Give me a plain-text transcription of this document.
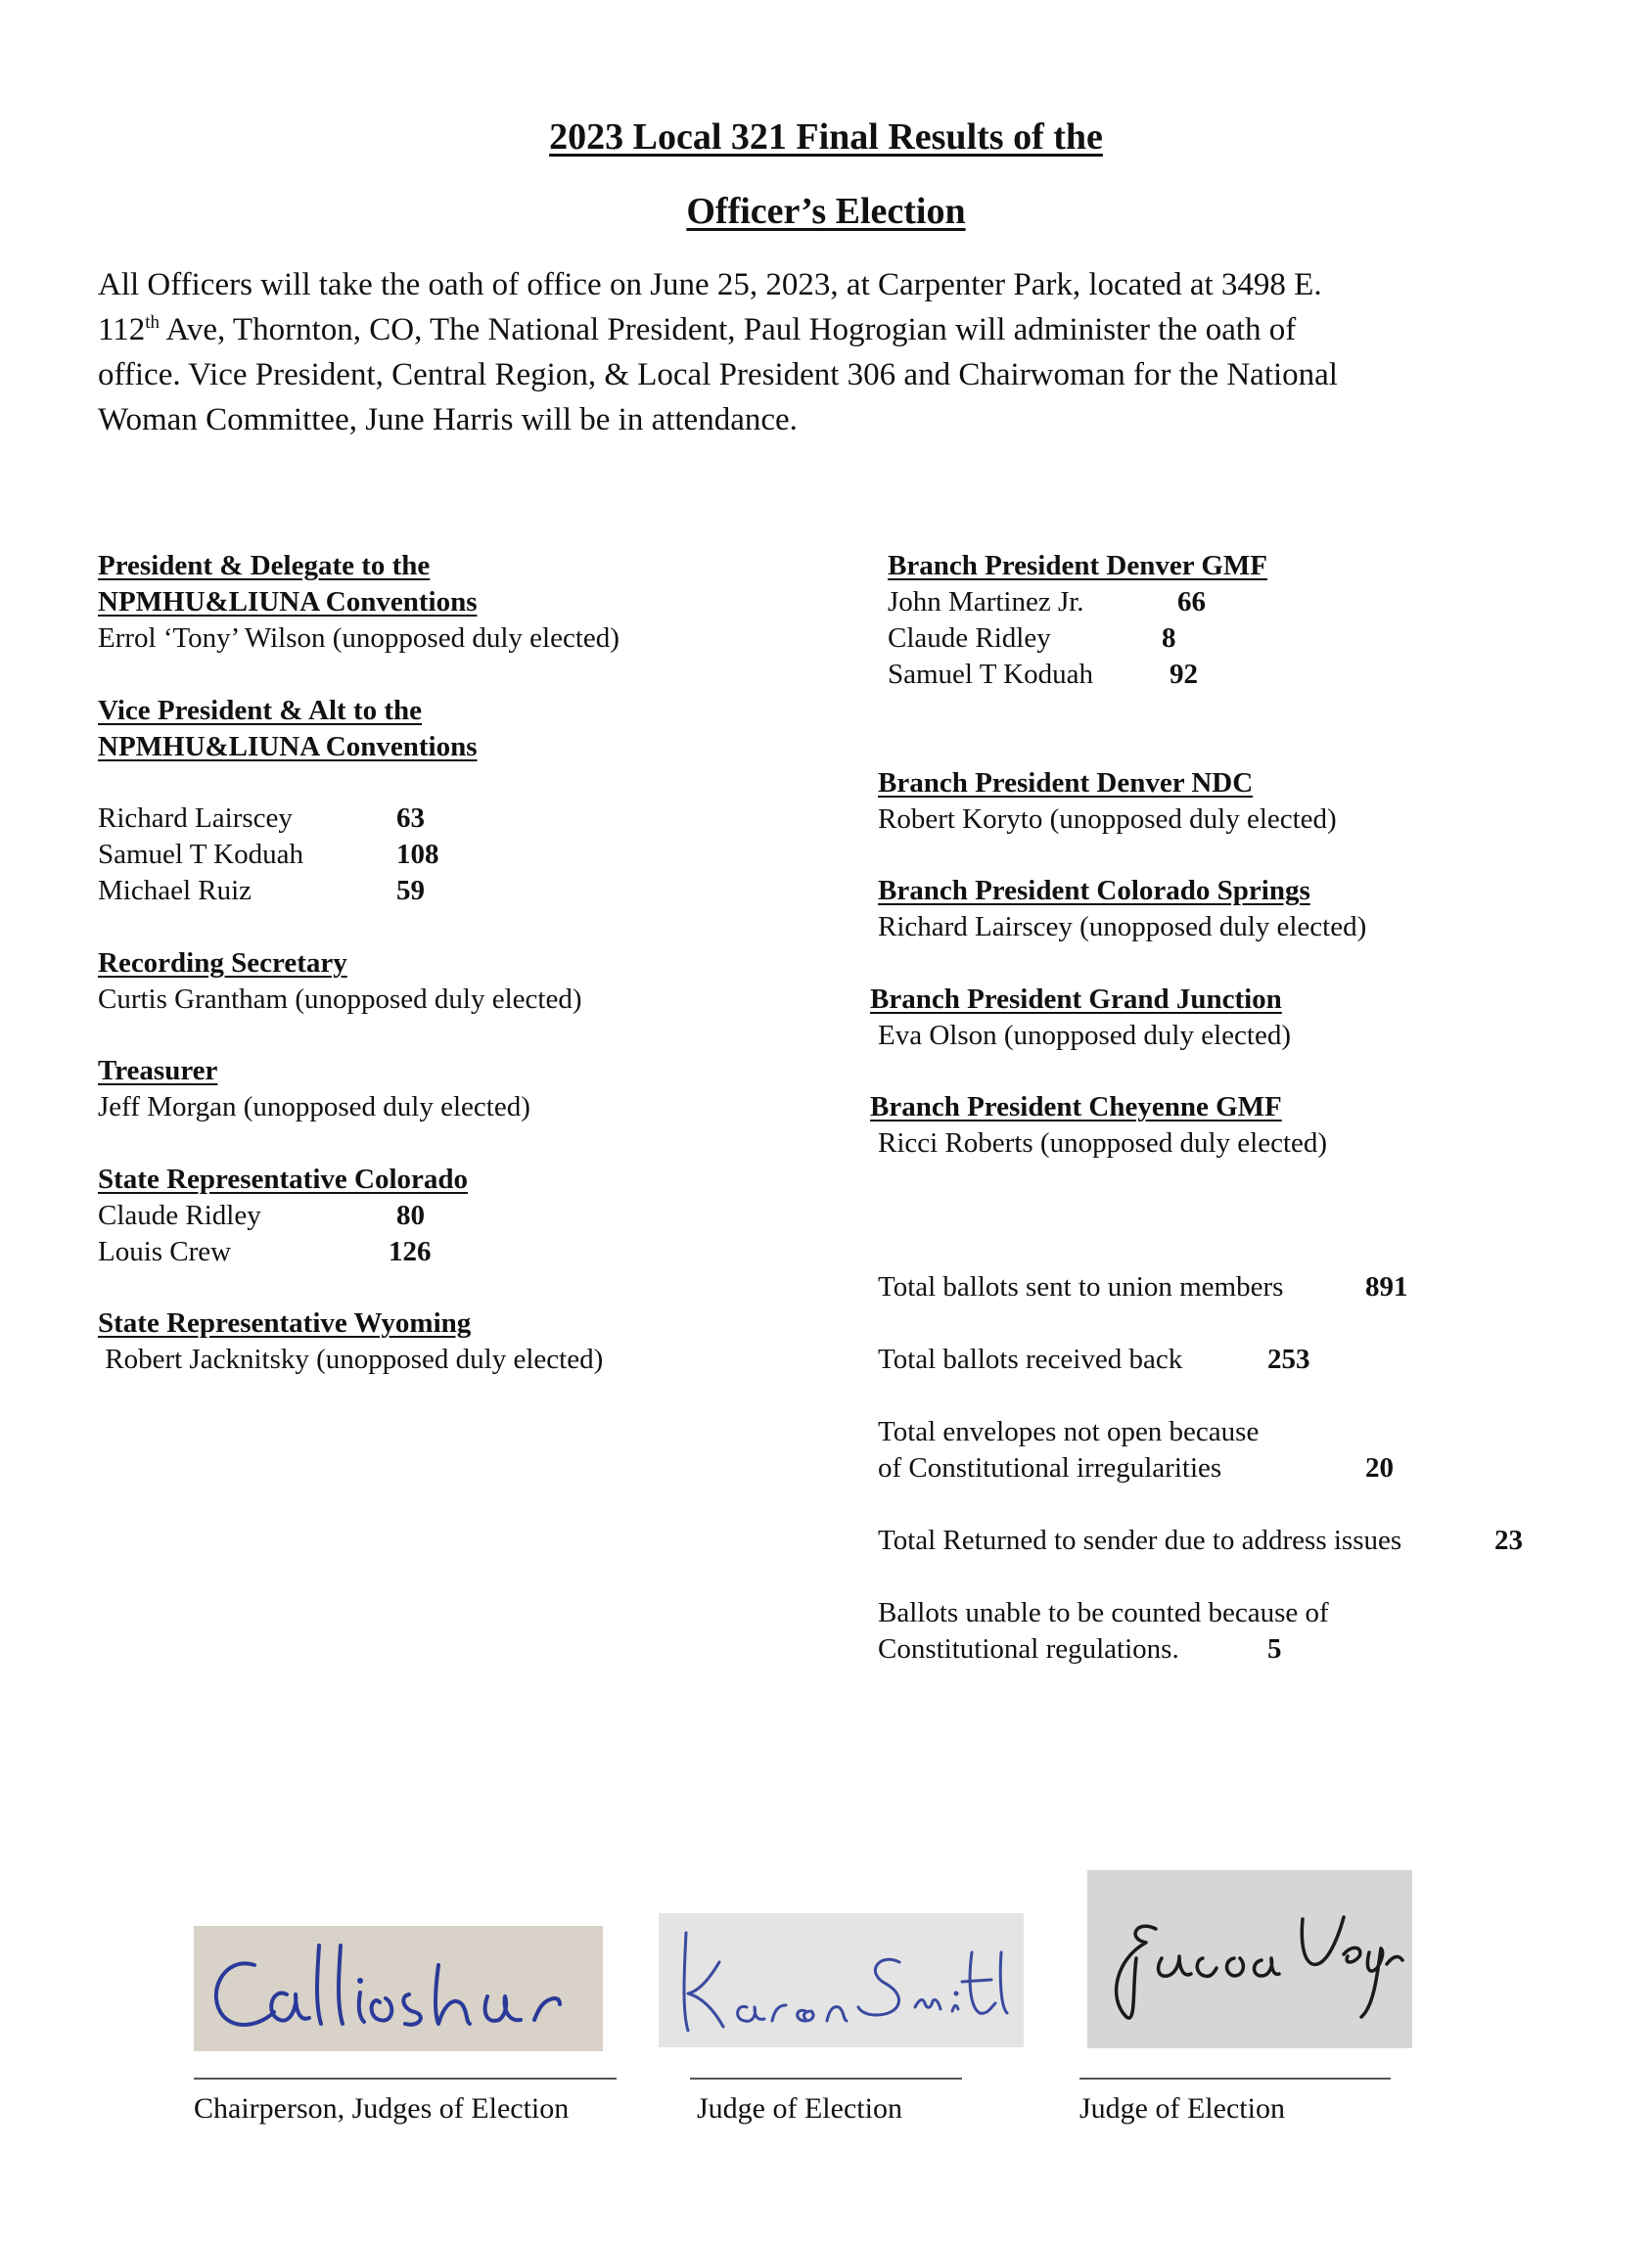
2023 Local 321 Final Results of the
Officer’s Election
All Officers will take the oath of office on June 25, 2023, at Carpenter Park, located at 3498 E.
112th Ave, Thornton, CO, The National President, Paul Hogrogian will administer the oath of
office. Vice President, Central Region, & Local President 306 and Chairwoman for the National
Woman Committee, June Harris will be in attendance.
President & Delegate to the
NPMHU&LIUNA Conventions
Errol ‘Tony’ Wilson (unopposed duly elected)
Vice President & Alt to the
NPMHU&LIUNA Conventions
Richard Lairscey	63
Samuel T Koduah	108
Michael Ruiz	59
Recording Secretary
Curtis Grantham (unopposed duly elected)
Treasurer
Jeff Morgan (unopposed duly elected)
State Representative Colorado
Claude Ridley	80
Louis Crew	126
State Representative Wyoming
Robert Jacknitsky (unopposed duly elected)
Branch President Denver GMF
John Martinez Jr.	66
Claude Ridley	8
Samuel T Koduah	92
Branch President Denver NDC
Robert Koryto (unopposed duly elected)
Branch President Colorado Springs
Richard Lairscey (unopposed duly elected)
Branch President Grand Junction
Eva Olson (unopposed duly elected)
Branch President Cheyenne GMF
Ricci Roberts (unopposed duly elected)
Total ballots sent to union members	891
Total ballots received back	253
Total envelopes not open because
of Constitutional irregularities	20
Total Returned to sender due to address issues	23
Ballots unable to be counted because of
Constitutional regulations.	5
Chairperson, Judges of Election	Judge of Election	Judge of Election
